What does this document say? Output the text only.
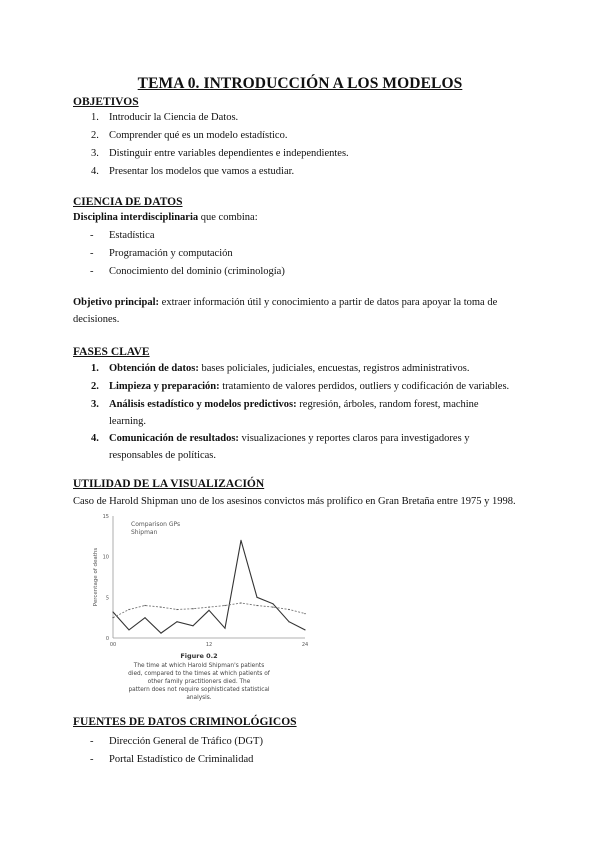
TEMA 0. INTRODUCCIÓN A LOS MODELOS
OBJETIVOS
1. Introducir la Ciencia de Datos.
2. Comprender qué es un modelo estadístico.
3. Distinguir entre variables dependientes e independientes.
4. Presentar los modelos que vamos a estudiar.
CIENCIA DE DATOS
Disciplina interdisciplinaria que combina:
- Estadística
- Programación y computación
- Conocimiento del dominio (criminología)
Objetivo principal: extraer información útil y conocimiento a partir de datos para apoyar la toma de
decisiones.
FASES CLAVE
1. Obtención de datos: bases policiales, judiciales, encuestas, registros administrativos.
2. Limpieza y preparación: tratamiento de valores perdidos, outliers y codificación de variables.
3. Análisis estadístico y modelos predictivos: regresión, árboles, random forest, machine
learning.
4. Comunicación de resultados: visualizaciones y reportes claros para investigadores y
responsables de políticas.
UTILIDAD DE LA VISUALIZACIÓN
Caso de Harold Shipman uno de los asesinos convictos más prolífico en Gran Bretaña entre 1975 y 1998.
15
10
5
0
00	12	24
Percentage of deaths
Comparison GPs
Shipman
Figure 0.2
The time at which Harold Shipman's patients
died, compared to the times at which patients of
other family practitioners died. The
pattern does not require sophisticated statistical
analysis.
FUENTES DE DATOS CRIMINOLÓGICOS
- Dirección General de Tráfico (DGT)
- Portal Estadístico de Criminalidad
